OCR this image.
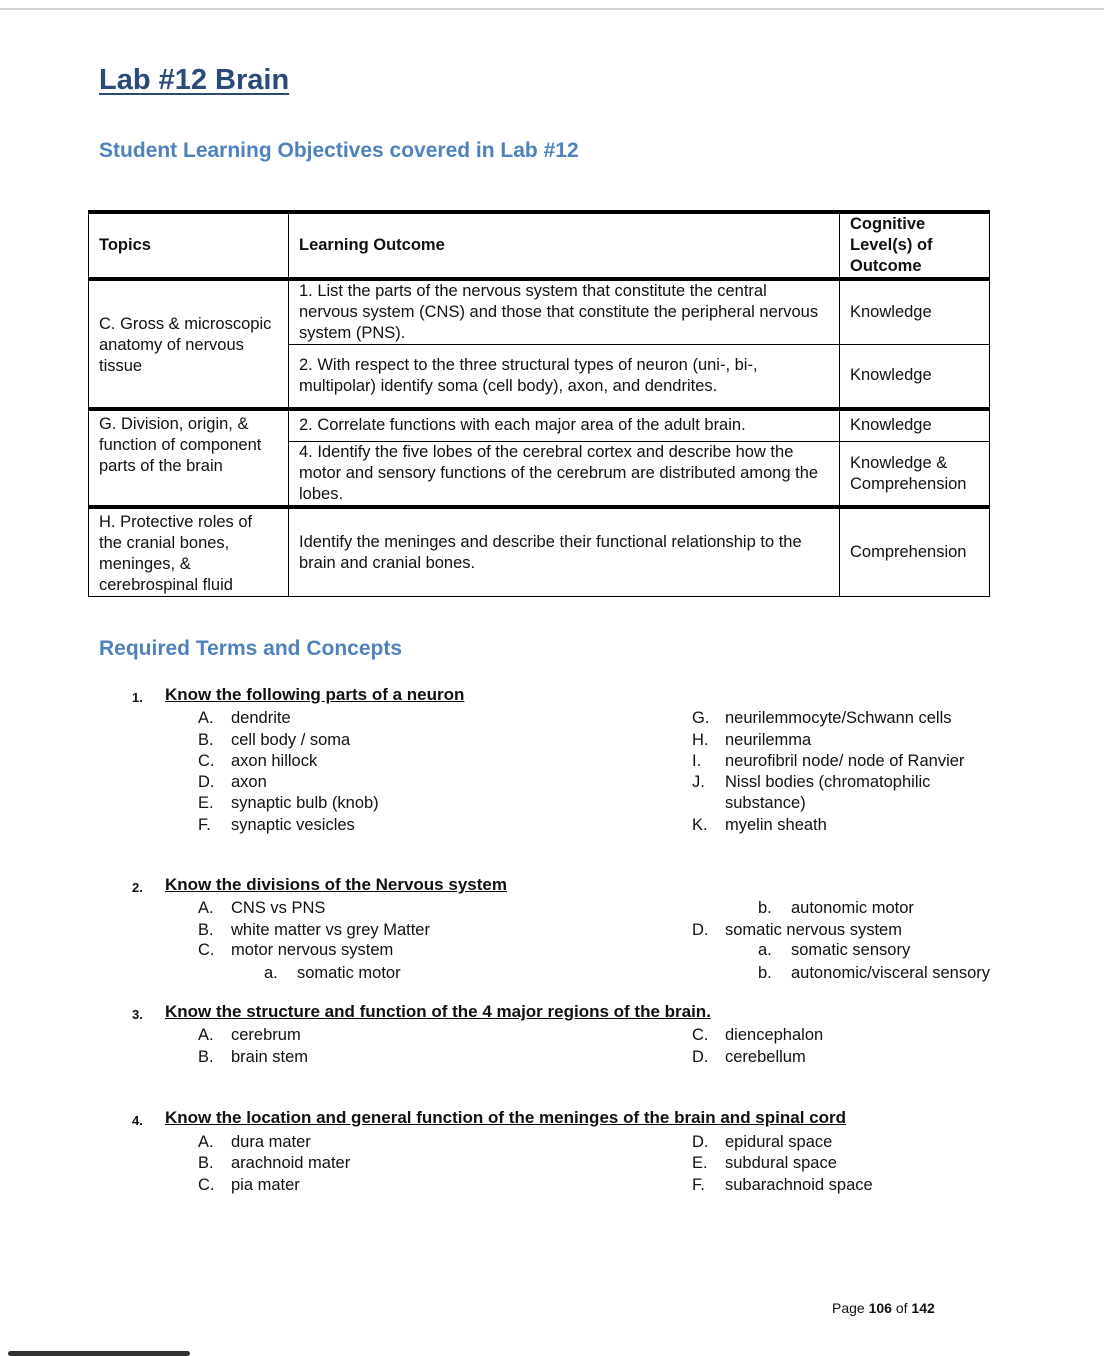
Lab #12 Brain
Student Learning Objectives covered in Lab #12
Topics	Learning Outcome	Cognitive Level(s) of Outcome
C. Gross & microscopic anatomy of nervous tissue	1. List the parts of the nervous system that constitute the central nervous system (CNS) and those that constitute the peripheral nervous system (PNS).	Knowledge
	2. With respect to the three structural types of neuron (uni-, bi-, multipolar) identify soma (cell body), axon, and dendrites.	Knowledge
G. Division, origin, & function of component parts of the brain	2. Correlate functions with each major area of the adult brain.	Knowledge
	4. Identify the five lobes of the cerebral cortex and describe how the motor and sensory functions of the cerebrum are distributed among the lobes.	Knowledge & Comprehension
H. Protective roles of the cranial bones, meninges, & cerebrospinal fluid	Identify the meninges and describe their functional relationship to the brain and cranial bones.	Comprehension
Required Terms and Concepts
1. Know the following parts of a neuron
A. dendrite
B. cell body / soma
C. axon hillock
D. axon
E. synaptic bulb (knob)
F. synaptic vesicles
G. neurilemmocyte/Schwann cells
H. neurilemma
I. neurofibril node/ node of Ranvier
J. Nissl bodies (chromatophilic
substance)
K. myelin sheath
2. Know the divisions of the Nervous system
A. CNS vs PNS
B. white matter vs grey Matter
C. motor nervous system
a. somatic motor
b. autonomic motor
D. somatic nervous system
a. somatic sensory
b. autonomic/visceral sensory
3. Know the structure and function of the 4 major regions of the brain.
A. cerebrum
B. brain stem
C. diencephalon
D. cerebellum
4. Know the location and general function of the meninges of the brain and spinal cord
A. dura mater
B. arachnoid mater
C. pia mater
D. epidural space
E. subdural space
F. subarachnoid space
Page 106 of 142
